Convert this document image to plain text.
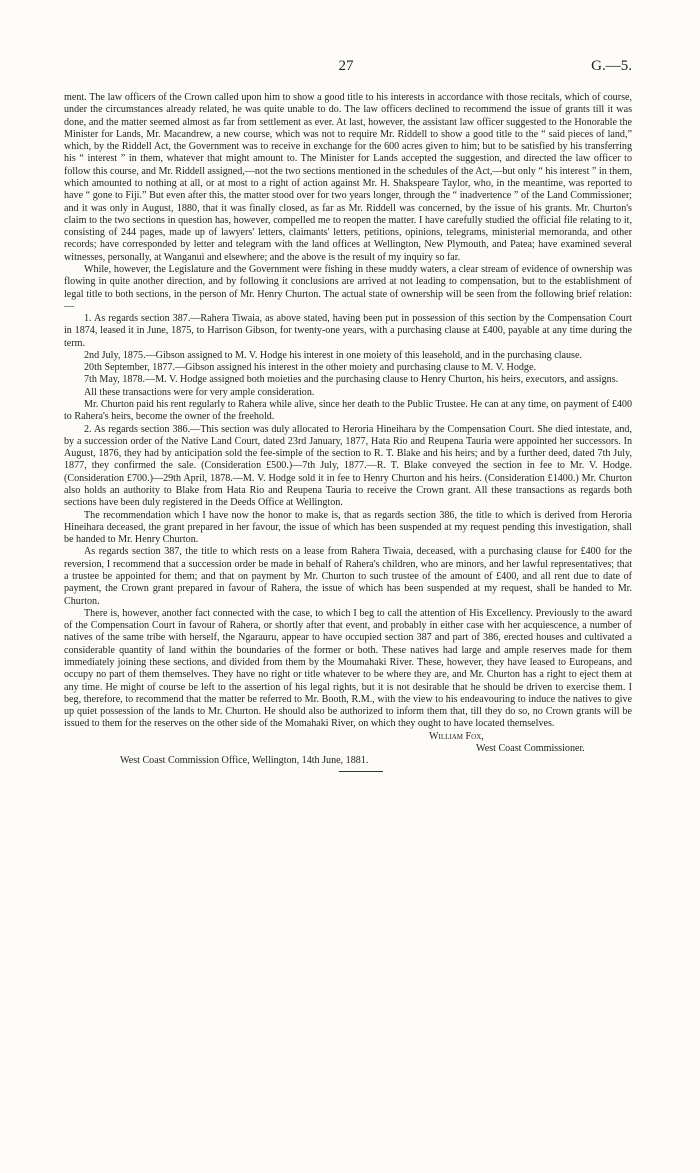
27	G.—5.

ment. The law officers of the Crown called upon him to show a good title to his interests in accordance with those recitals, which of course, under the circumstances already related, he was quite unable to do. The law officers declined to recommend the issue of grants till it was done, and the matter seemed almost as far from settlement as ever. At last, however, the assistant law officer suggested to the Honorable the Minister for Lands, Mr. Macandrew, a new course, which was not to require Mr. Riddell to show a good title to the “ said pieces of land,” which, by the Riddell Act, the Government was to receive in exchange for the 600 acres given to him; but to be satisfied by his transferring his “ interest ” in them, whatever that might amount to. The Minister for Lands accepted the suggestion, and directed the law officer to follow this course, and Mr. Riddell assigned,—not the two sections mentioned in the schedules of the Act,—but only “ his interest ” in them, which amounted to nothing at all, or at most to a right of action against Mr. H. Shakspeare Taylor, who, in the meantime, was reported to have “ gone to Fiji.” But even after this, the matter stood over for two years longer, through the “ inadvertence ” of the Land Commissioner; and it was only in August, 1880, that it was finally closed, as far as Mr. Riddell was concerned, by the issue of his grants. Mr. Churton's claim to the two sections in question has, however, compelled me to reopen the matter. I have carefully studied the official file relating to it, consisting of 244 pages, made up of lawyers' letters, claimants' letters, petitions, opinions, telegrams, ministerial memoranda, and other records; have corresponded by letter and telegram with the land offices at Wellington, New Plymouth, and Patea; have examined several witnesses, personally, at Wanganui and elsewhere; and the above is the result of my inquiry so far.

While, however, the Legislature and the Government were fishing in these muddy waters, a clear stream of evidence of ownership was flowing in quite another direction, and by following it conclusions are arrived at not leading to compensation, but to the establishment of legal title to both sections, in the person of Mr. Henry Churton. The actual state of ownership will be seen from the following brief relation:—

1. As regards section 387.—Rahera Tiwaia, as above stated, having been put in possession of this section by the Compensation Court in 1874, leased it in June, 1875, to Harrison Gibson, for twenty-one years, with a purchasing clause at £400, payable at any time during the term.

2nd July, 1875.—Gibson assigned to M. V. Hodge his interest in one moiety of this leasehold, and in the purchasing clause.

20th September, 1877.—Gibson assigned his interest in the other moiety and purchasing clause to M. V. Hodge.

7th May, 1878.—M. V. Hodge assigned both moieties and the purchasing clause to Henry Churton, his heirs, executors, and assigns.

All these transactions were for very ample consideration.

Mr. Churton paid his rent regularly to Rahera while alive, since her death to the Public Trustee. He can at any time, on payment of £400 to Rahera's heirs, become the owner of the freehold.

2. As regards section 386.—This section was duly allocated to Heroria Hineihara by the Compensation Court. She died intestate, and, by a succession order of the Native Land Court, dated 23rd January, 1877, Hata Rio and Reupena Tauria were appointed her successors. In August, 1876, they had by anticipation sold the fee-simple of the section to R. T. Blake and his heirs; and by a further deed, dated 7th July, 1877, they confirmed the sale. (Consideration £500.)—7th July, 1877.—R. T. Blake conveyed the section in fee to Mr. V. Hodge. (Consideration £700.)—29th April, 1878.—M. V. Hodge sold it in fee to Henry Churton and his heirs. (Consideration £1400.) Mr. Churton also holds an authority to Blake from Hata Rio and Reupena Tauria to receive the Crown grant. All these transactions as regards both sections have been duly registered in the Deeds Office at Wellington.

The recommendation which I have now the honor to make is, that as regards section 386, the title to which is derived from Heroria Hineihara deceased, the grant prepared in her favour, the issue of which has been suspended at my request pending this investigation, shall be handed to Mr. Henry Churton.

As regards section 387, the title to which rests on a lease from Rahera Tiwaia, deceased, with a purchasing clause for £400 for the reversion, I recommend that a succession order be made in behalf of Rahera's children, who are minors, and her lawful representatives; that a trustee be appointed for them; and that on payment by Mr. Churton to such trustee of the amount of £400, and all rent due to date of payment, the Crown grant prepared in favour of Rahera, the issue of which has been suspended at my request, shall be handed to Mr. Churton.

There is, however, another fact connected with the case, to which I beg to call the attention of His Excellency. Previously to the award of the Compensation Court in favour of Rahera, or shortly after that event, and probably in either case with her acquiescence, a number of natives of the same tribe with herself, the Ngarauru, appear to have occupied section 387 and part of 386, erected houses and cultivated a considerable quantity of land within the boundaries of the former or both. These natives had large and ample reserves made for them immediately joining these sections, and divided from them by the Moumahaki River. These, however, they have leased to Europeans, and occupy no part of them themselves. They have no right or title whatever to be where they are, and Mr. Churton has a right to eject them at any time. He might of course be left to the assertion of his legal rights, but it is not desirable that he should be driven to exercise them. I beg, therefore, to recommend that the matter be referred to Mr. Booth, R.M., with the view to his endeavouring to induce the natives to give up quiet possession of the lands to Mr. Churton. He should also be authorized to inform them that, till they do so, no Crown grants will be issued to them for the reserves on the other side of the Momahaki River, on which they ought to have located themselves.

William Fox,

West Coast Commissioner.

West Coast Commission Office, Wellington, 14th June, 1881.
